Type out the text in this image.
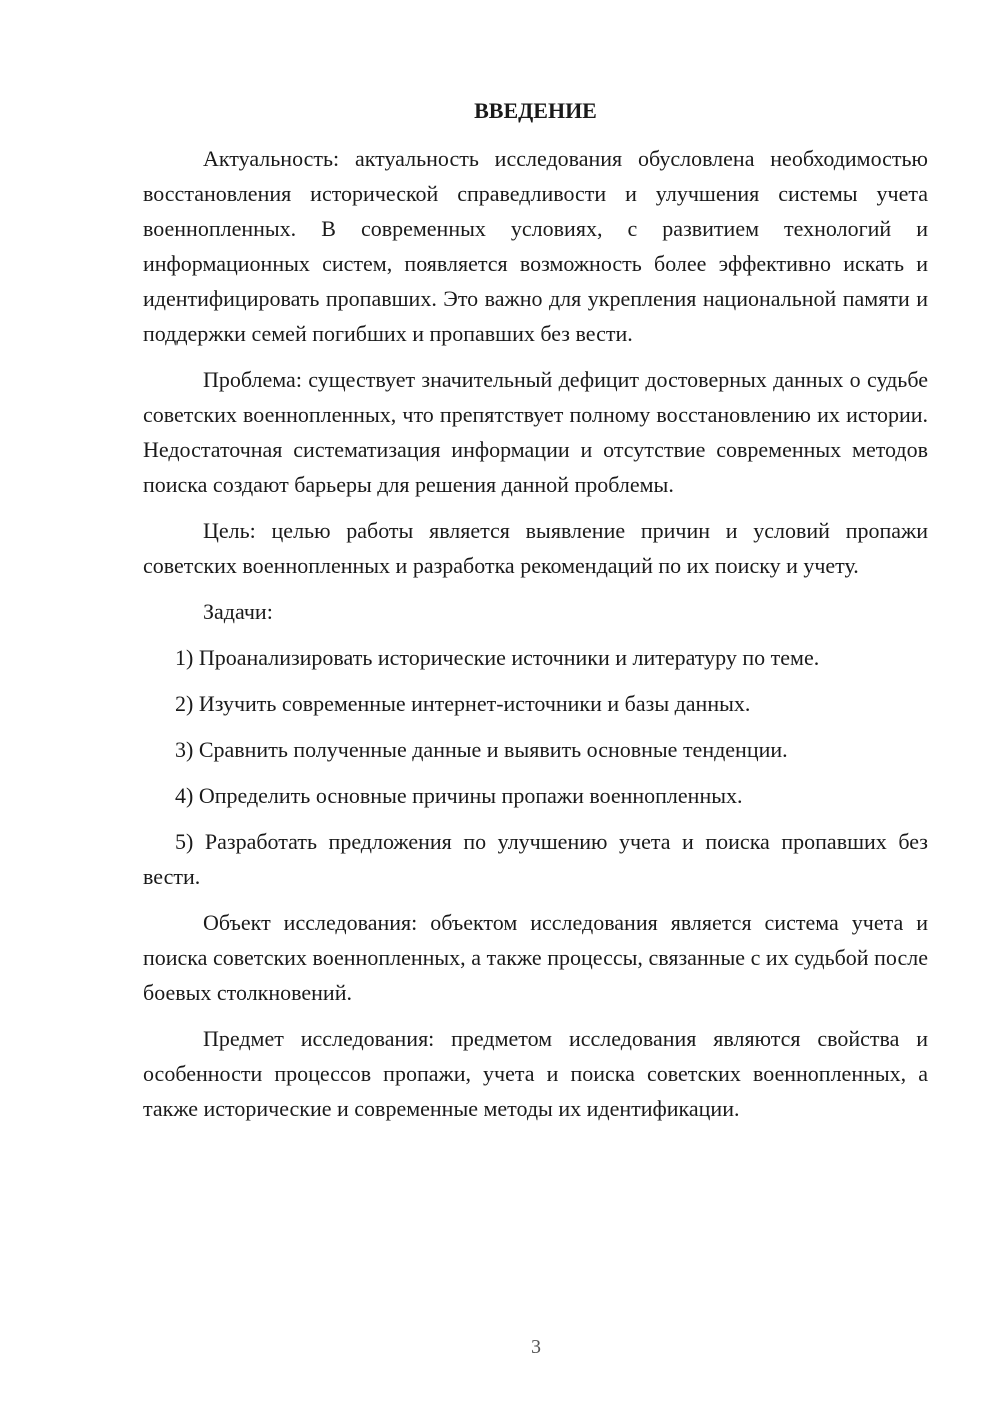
ВВЕДЕНИЕ

Актуальность: актуальность исследования обусловлена необходимостью восстановления исторической справедливости и улучшения системы учета военнопленных. В современных условиях, с развитием технологий и информационных систем, появляется возможность более эффективно искать и идентифицировать пропавших. Это важно для укрепления национальной памяти и поддержки семей погибших и пропавших без вести.

Проблема: существует значительный дефицит достоверных данных о судьбе советских военнопленных, что препятствует полному восстановлению их истории. Недостаточная систематизация информации и отсутствие современных методов поиска создают барьеры для решения данной проблемы.

Цель: целью работы является выявление причин и условий пропажи советских военнопленных и разработка рекомендаций по их поиску и учету.

Задачи:

1) Проанализировать исторические источники и литературу по теме.

2) Изучить современные интернет-источники и базы данных.

3) Сравнить полученные данные и выявить основные тенденции.

4) Определить основные причины пропажи военнопленных.

5) Разработать предложения по улучшению учета и поиска пропавших без вести.

Объект исследования: объектом исследования является система учета и поиска советских военнопленных, а также процессы, связанные с их судьбой после боевых столкновений.

Предмет исследования: предметом исследования являются свойства и особенности процессов пропажи, учета и поиска советских военнопленных, а также исторические и современные методы их идентификации.

3
